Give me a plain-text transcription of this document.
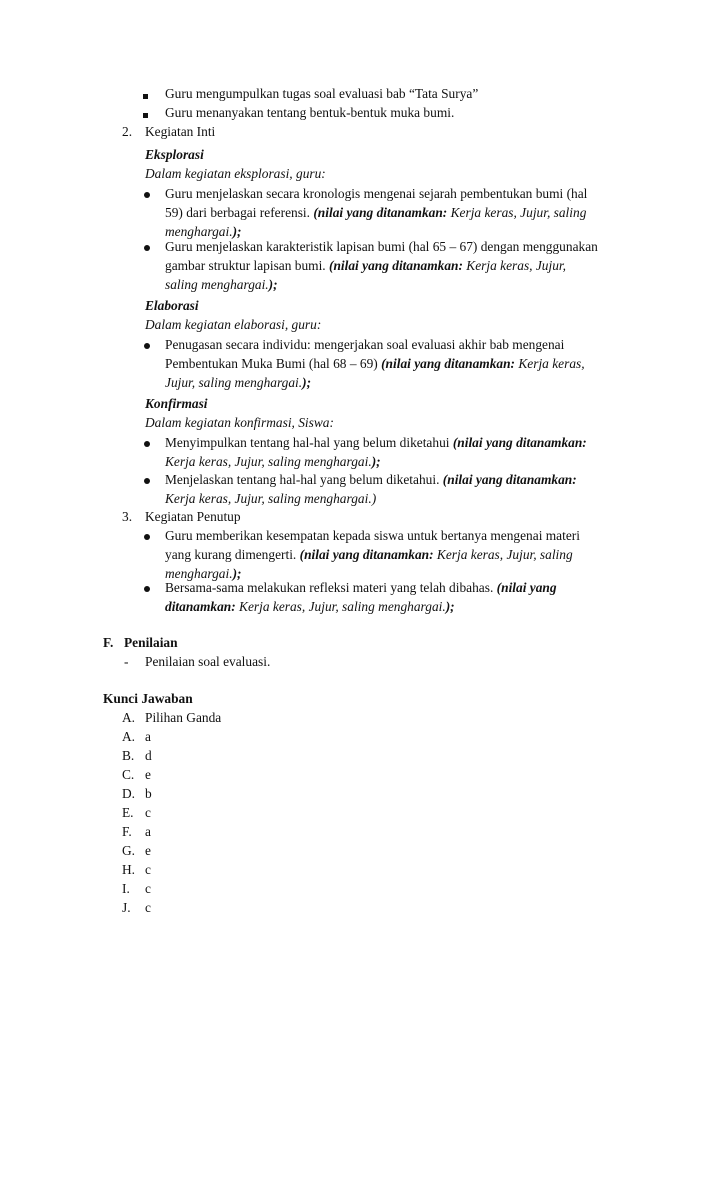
Guru mengumpulkan tugas soal evaluasi bab “Tata Surya”
Guru menanyakan tentang bentuk-bentuk muka bumi.
2. Kegiatan Inti
Eksplorasi
Dalam kegiatan eksplorasi, guru:
Guru menjelaskan secara kronologis mengenai sejarah pembentukan bumi (hal
59) dari berbagai referensi. (nilai yang ditanamkan: Kerja keras, Jujur, saling
menghargai.);
Guru menjelaskan karakteristik lapisan bumi (hal 65 – 67) dengan menggunakan
gambar struktur lapisan bumi. (nilai yang ditanamkan: Kerja keras, Jujur,
saling menghargai.);
Elaborasi
Dalam kegiatan elaborasi, guru:
Penugasan secara individu: mengerjakan soal evaluasi akhir bab mengenai
Pembentukan Muka Bumi (hal 68 – 69) (nilai yang ditanamkan: Kerja keras,
Jujur, saling menghargai.);
Konfirmasi
Dalam kegiatan konfirmasi, Siswa:
Menyimpulkan tentang hal-hal yang belum diketahui (nilai yang ditanamkan:
Kerja keras, Jujur, saling menghargai.);
Menjelaskan tentang hal-hal yang belum diketahui. (nilai yang ditanamkan:
Kerja keras, Jujur, saling menghargai.)
3. Kegiatan Penutup
Guru memberikan kesempatan kepada siswa untuk bertanya mengenai materi
yang kurang dimengerti. (nilai yang ditanamkan: Kerja keras, Jujur, saling
menghargai.);
Bersama-sama melakukan refleksi materi yang telah dibahas. (nilai yang
ditanamkan: Kerja keras, Jujur, saling menghargai.);
F. Penilaian
- Penilaian soal evaluasi.
Kunci Jawaban
A. Pilihan Ganda
A. a
B. d
C. e
D. b
E. c
F. a
G. e
H. c
I. c
J. c
